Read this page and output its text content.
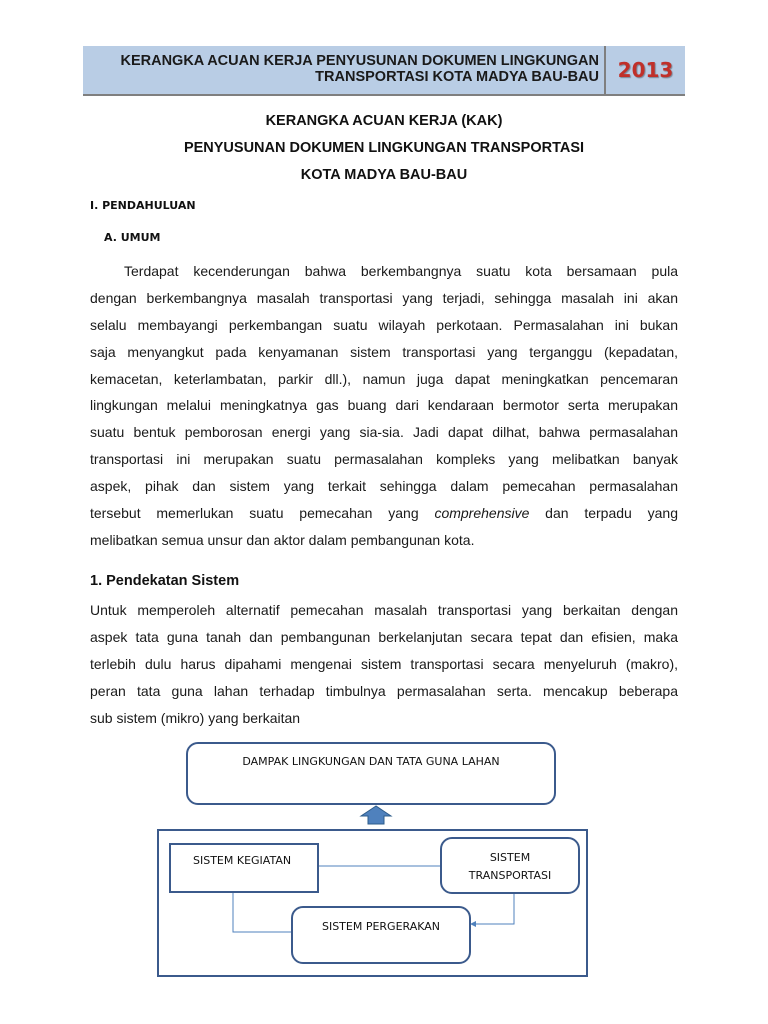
KERANGKA ACUAN KERJA PENYUSUNAN DOKUMEN LINGKUNGAN
TRANSPORTASI KOTA MADYA BAU-BAU 2013
KERANGKA ACUAN KERJA (KAK)
PENYUSUNAN DOKUMEN LINGKUNGAN TRANSPORTASI
KOTA MADYA BAU-BAU
I. PENDAHULUAN
A. UMUM
Terdapat kecenderungan bahwa berkembangnya suatu kota bersamaan pula
dengan berkembangnya masalah transportasi yang terjadi, sehingga masalah ini akan
selalu membayangi perkembangan suatu wilayah perkotaan. Permasalahan ini bukan
saja menyangkut pada kenyamanan sistem transportasi yang terganggu (kepadatan,
kemacetan, keterlambatan, parkir dll.), namun juga dapat meningkatkan pencemaran
lingkungan melalui meningkatnya gas buang dari kendaraan bermotor serta merupakan
suatu bentuk pemborosan energi yang sia-sia. Jadi dapat dilhat, bahwa permasalahan
transportasi ini merupakan suatu permasalahan kompleks yang melibatkan banyak
aspek, pihak dan sistem yang terkait sehingga dalam pemecahan permasalahan
tersebut memerlukan suatu pemecahan yang comprehensive dan terpadu yang
melibatkan semua unsur dan aktor dalam pembangunan kota.
1. Pendekatan Sistem
Untuk memperoleh alternatif pemecahan masalah transportasi yang berkaitan dengan
aspek tata guna tanah dan pembangunan berkelanjutan secara tepat dan efisien, maka
terlebih dulu harus dipahami mengenai sistem transportasi secara menyeluruh (makro),
peran tata guna lahan terhadap timbulnya permasalahan serta. mencakup beberapa
sub sistem (mikro) yang berkaitan
DAMPAK LINGKUNGAN DAN TATA GUNA LAHAN
SISTEM KEGIATAN	SISTEM
TRANSPORTASI
SISTEM PERGERAKAN
